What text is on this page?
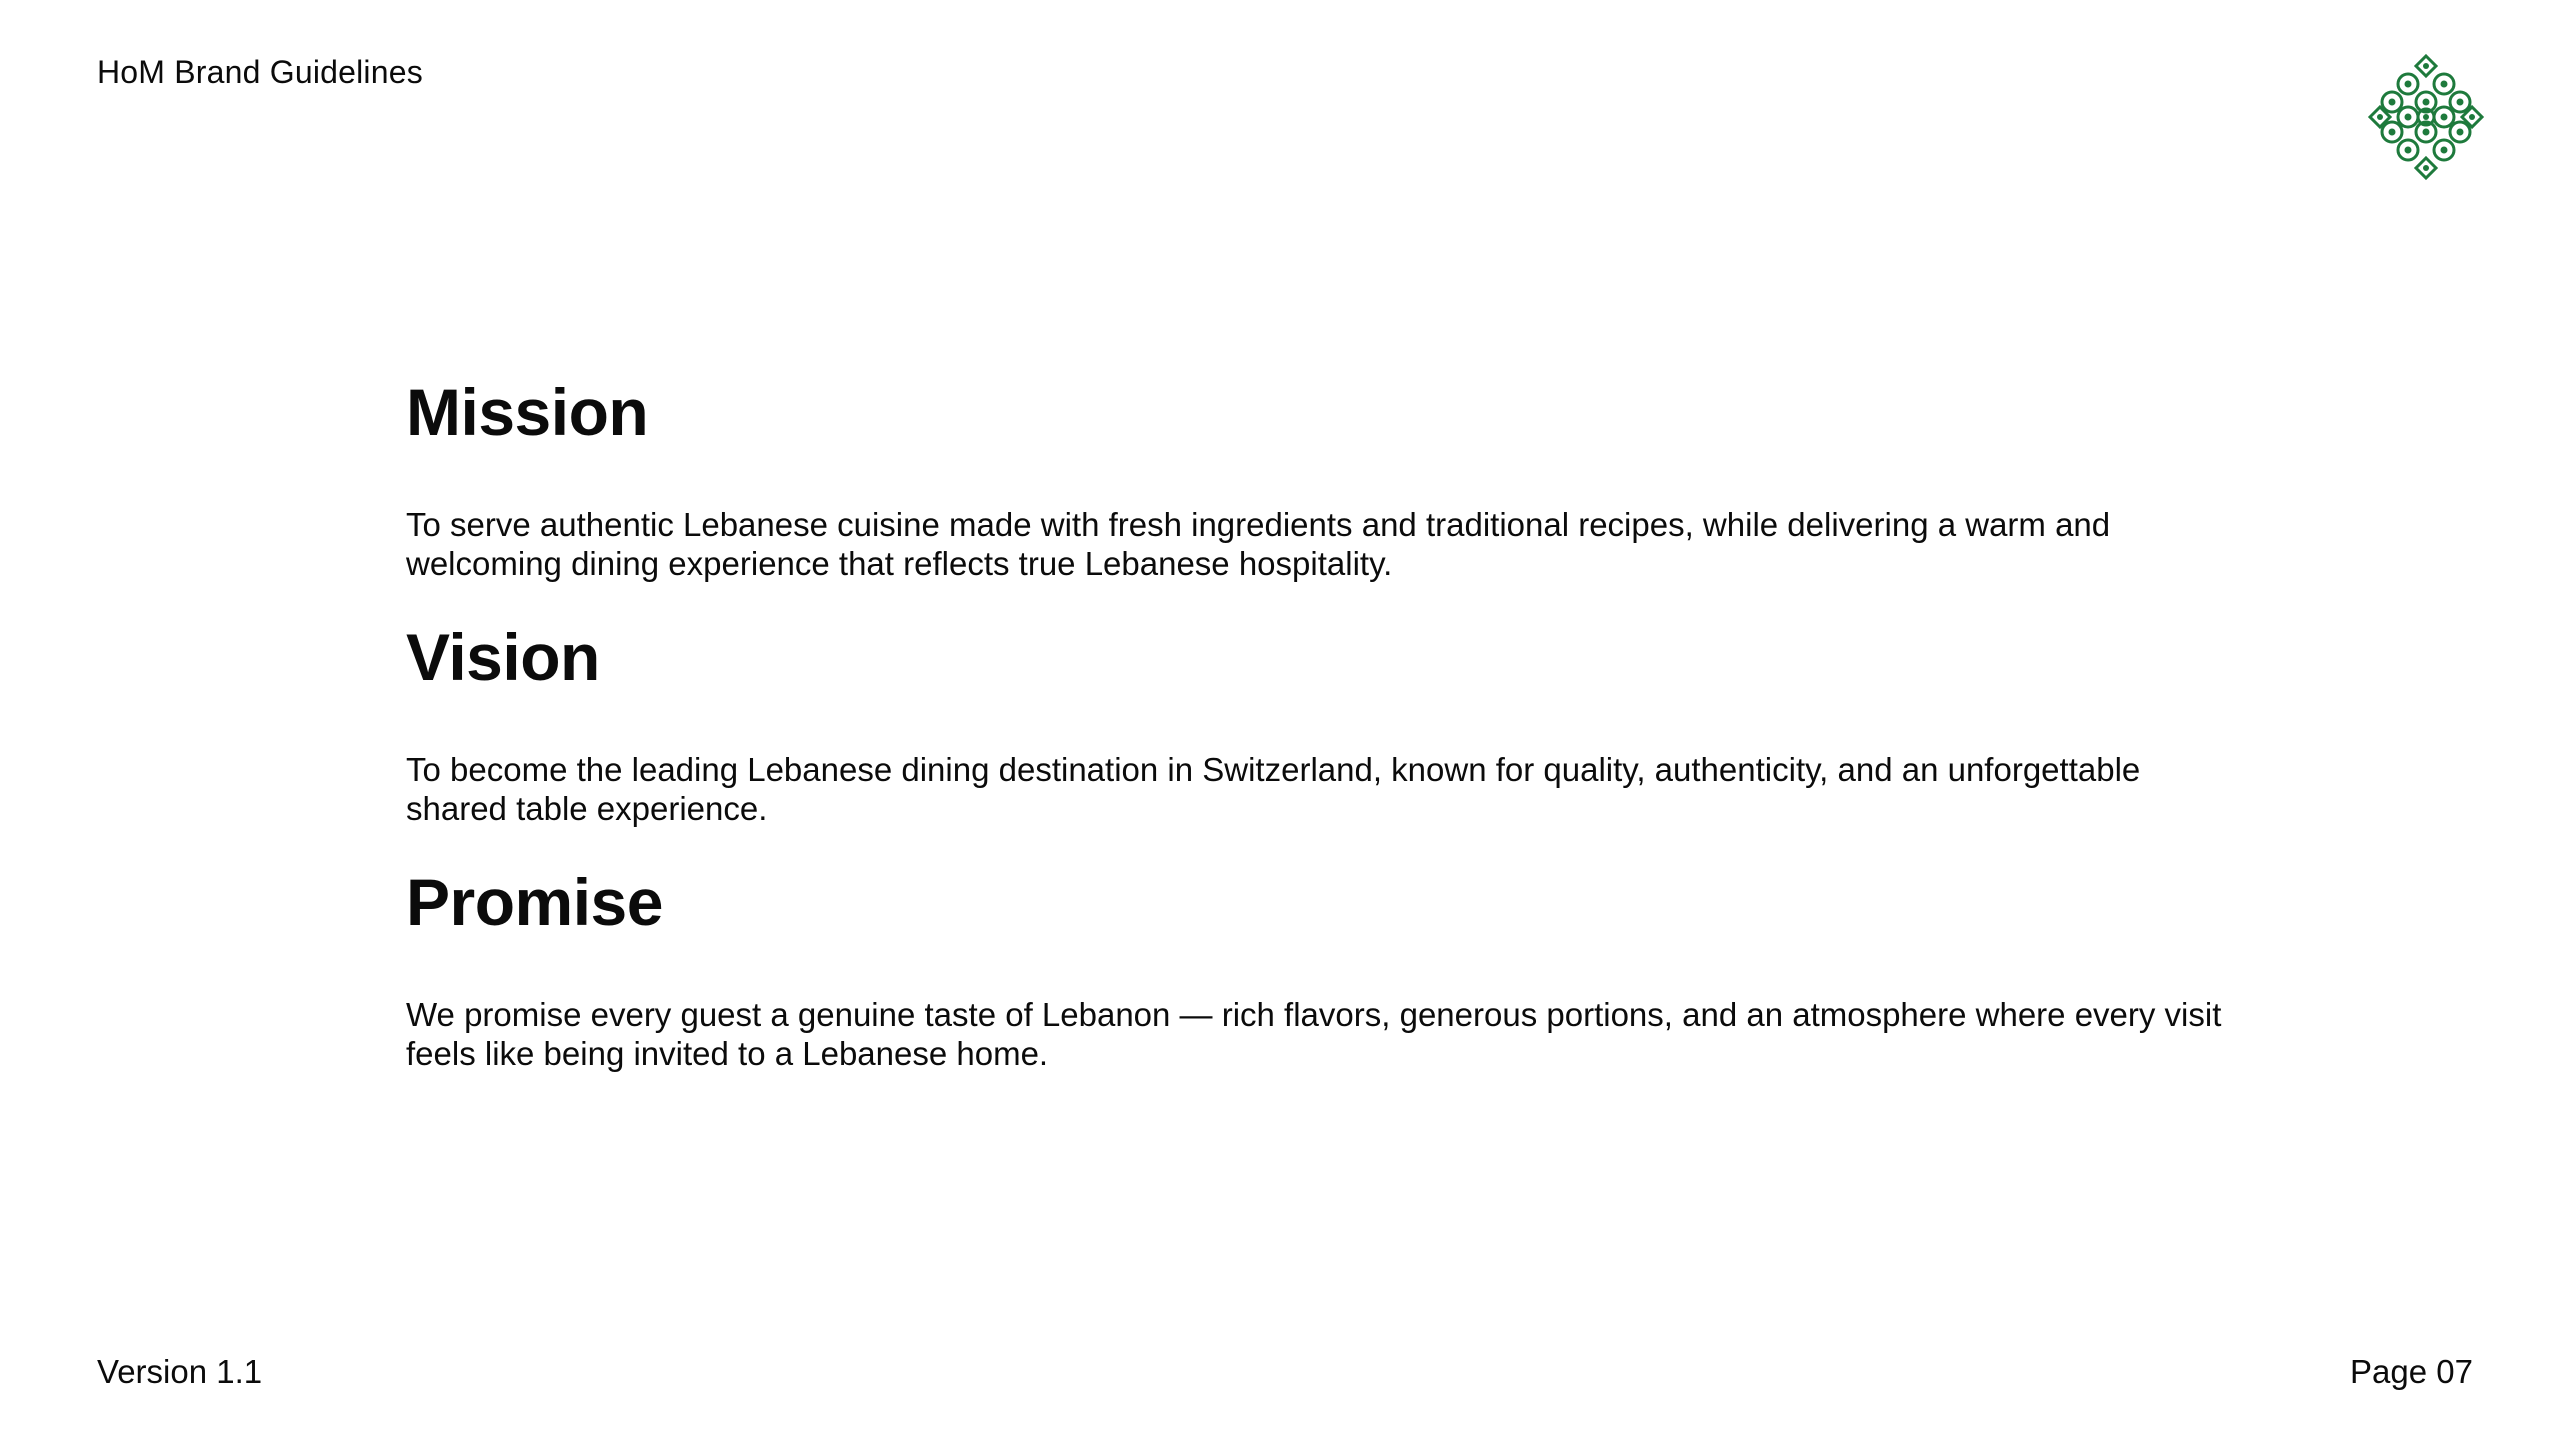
HoM Brand Guidelines
Mission

To serve authentic Lebanese cuisine made with fresh ingredients and traditional recipes, while delivering a warm and welcoming dining experience that reflects true Lebanese hospitality.

Vision

To become the leading Lebanese dining destination in Switzerland, known for quality, authenticity, and an unforgettable shared table experience.

Promise

We promise every guest a genuine taste of Lebanon — rich flavors, generous portions, and an atmosphere where every visit feels like being invited to a Lebanese home.

Version 1.1	Page 07
